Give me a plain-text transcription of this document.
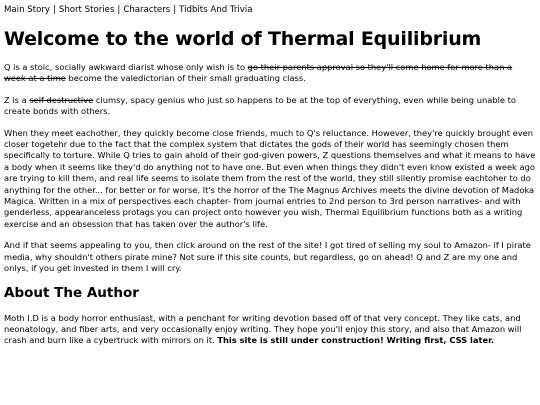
Main Story | Short Stories | Characters | Tidbits And Trivia
Welcome to the world of Thermal Equilibrium

Q is a stoic, socially awkward diarist whose only wish is to go their parents approval so they'll come home for more than a week at a time become the valedictorian of their small graduating class.

Z is a self-destructive clumsy, spacy genius who just so happens to be at the top of everything, even while being unable to create bonds with others.

When they meet eachother, they quickly become close friends, much to Q's reluctance. However, they're quickly brought even closer togetehr due to the fact that the complex system that dictates the gods of their world has seemingly chosen them specifically to torture. While Q tries to gain ahold of their god-given powers, Z questions themselves and what it means to have a body when it seems like they'd do anything not to have one. But even when things they didn't even know existed a week ago are trying to kill them, and real life seems to isolate them from the rest of the world, they still silently promise eachtoher to do anything for the other... for better or for worse. It's the horror of the The Magnus Archives meets the divine devotion of Madoka Magica. Written in a mix of perspectives each chapter- from journal entries to 2nd person to 3rd person narratives- and with genderless, appearanceless protags you can project onto however you wish, Thermal Equilibrium functions both as a writing exercise and an obsession that has taken over the author's life.

And if that seems appealing to you, then click around on the rest of the site! I got tired of selling my soul to Amazon- if I pirate media, why shouldn't others pirate mine? Not sure if this site counts, but regardless, go on ahead! Q and Z are my one and onlys, if you get invested in them I will cry.

About The Author

Moth I.D is a body horror enthusiast, with a penchant for writing devotion based off of that very concept. They like cats, and neonatology, and fiber arts, and very occasionally enjoy writing. They hope you'll enjoy this story, and also that Amazon will crash and burn like a cybertruck with mirrors on it. This site is still under construction! Writing first, CSS later.
